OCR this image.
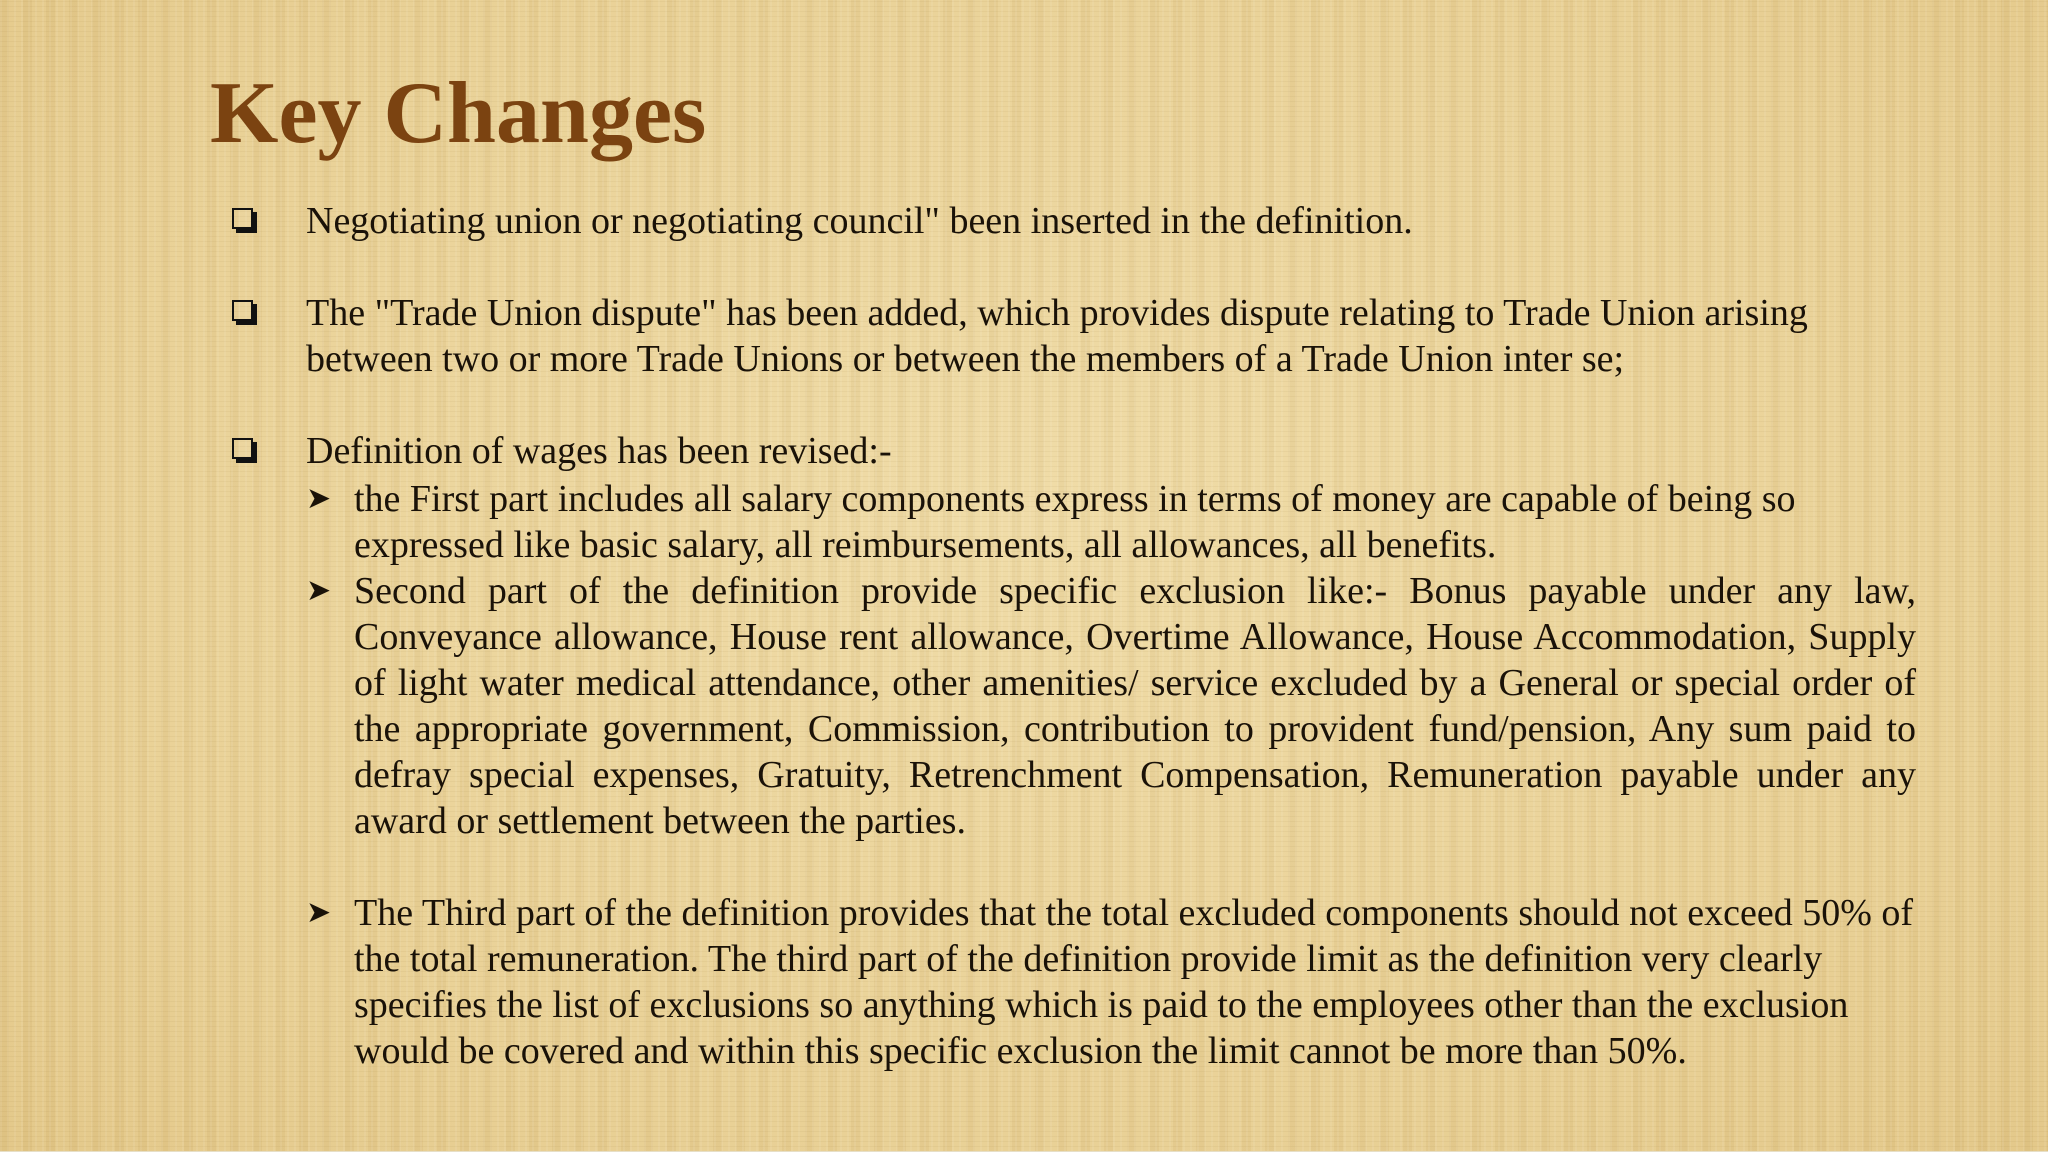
Key Changes
Negotiating union or negotiating council" been inserted in the definition.
The "Trade Union dispute" has been added, which provides dispute relating to Trade Union arising between two or more Trade Unions or between the members of a Trade Union inter se;
Definition of wages has been revised:-
➤ the First part includes all salary components express in terms of money are capable of being so expressed like basic salary, all reimbursements, all allowances, all benefits.
➤ Second part of the definition provide specific exclusion like:- Bonus payable under any law, Conveyance allowance, House rent allowance, Overtime Allowance, House Accommodation, Supply of light water medical attendance, other amenities/ service excluded by a General or special order of the appropriate government, Commission, contribution to provident fund/pension, Any sum paid to defray special expenses, Gratuity, Retrenchment Compensation, Remuneration payable under any award or settlement between the parties.
➤ The Third part of the definition provides that the total excluded components should not exceed 50% of the total remuneration. The third part of the definition provide limit as the definition very clearly specifies the list of exclusions so anything which is paid to the employees other than the exclusion would be covered and within this specific exclusion the limit cannot be more than 50%.
